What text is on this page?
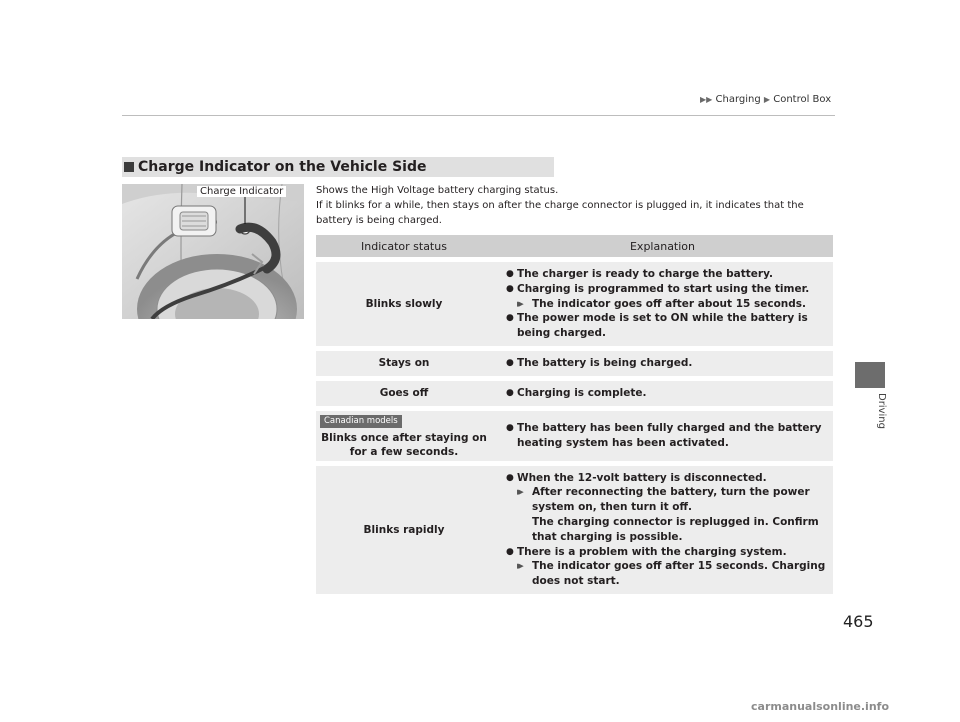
▶▶ Charging ▶ Control Box
Driving
Charge Indicator on the Vehicle Side
Charge Indicator	Shows the High Voltage battery charging status.

If it blinks for a while, then stays on after the charge connector is plugged in, it indicates that the battery is being charged.

Indicator status	Explanation
Blinks slowly	● The charger is ready to charge the battery.
● Charging is programmed to start using the timer.
▶▶ The indicator goes off after about 15 seconds.
● The power mode is set to ON while the battery is being charged.

Stays on	● The battery is being charged.

Goes off	● Charging is complete.

Canadian models
Blinks once after staying on for a few seconds.	● The battery has been fully charged and the battery heating system has been activated.

Blinks rapidly	● When the 12-volt battery is disconnected.
▶▶ After reconnecting the battery, turn the power system on, then turn it off.
The charging connector is replugged in. Confirm that charging is possible.
● There is a problem with the charging system.
▶▶ The indicator goes off after 15 seconds. Charging does not start.
465
carmanualsonline.info
